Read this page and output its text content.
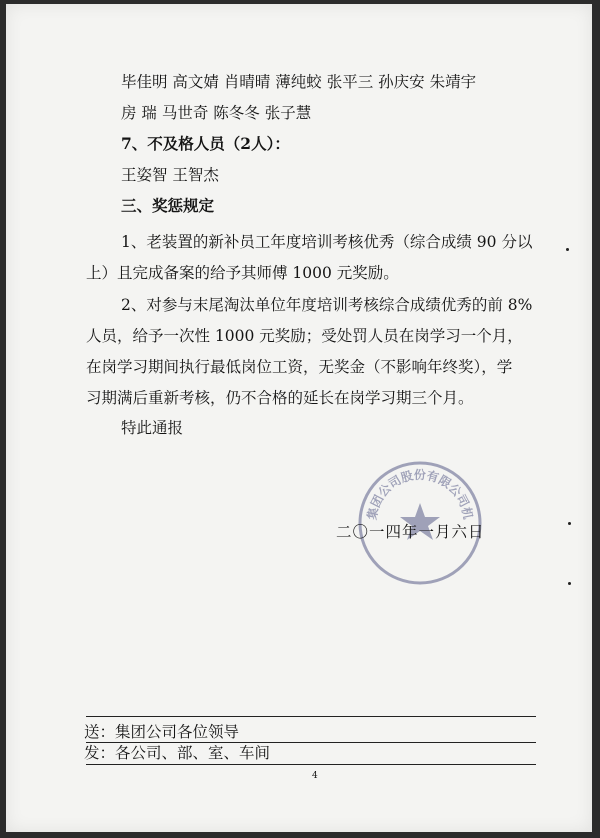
毕佳明 高文婧 肖晴晴 薄纯蛟 张平三 孙庆安 朱靖宇
房 瑞 马世奇 陈冬冬 张子慧
7、不及格人员（2人）：
王姿智 王智杰
三、奖惩规定
1、老装置的新补员工年度培训考核优秀（综合成绩 90 分以
上）且完成备案的给予其师傅 1000 元奖励。
2、对参与末尾淘汰单位年度培训考核综合成绩优秀的前 8%
人员，给予一次性 1000 元奖励；受处罚人员在岗学习一个月，
在岗学习期间执行最低岗位工资，无奖金（不影响年终奖），学
习期满后重新考核，仍不合格的延长在岗学习期三个月。
特此通报
集团公司股份有限公司机
二〇一四年一月六日
送：集团公司各位领导
发：各公司、部、室、车间
4
